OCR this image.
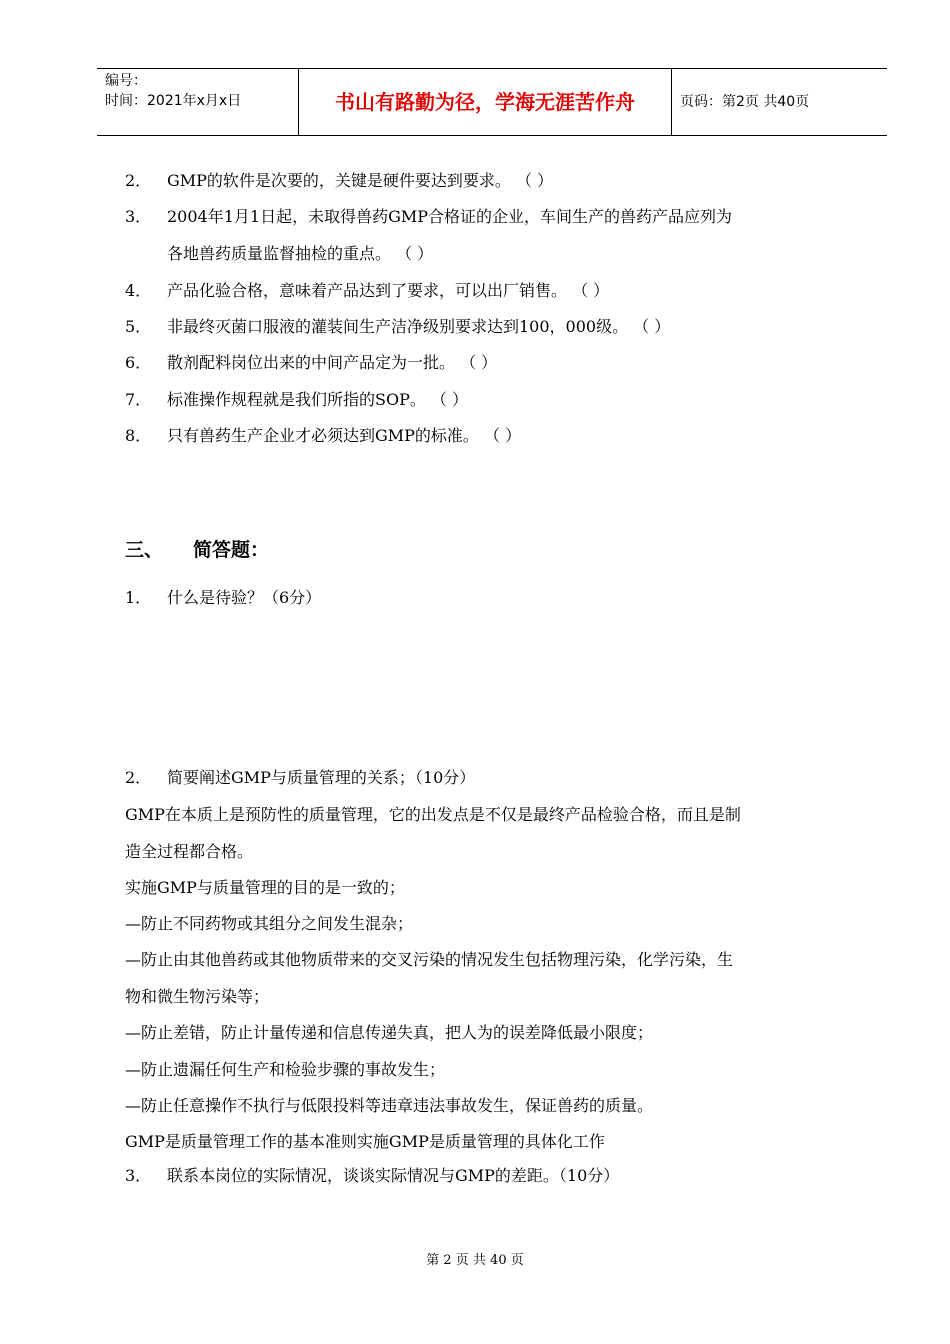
编号：
时间：2021年x月x日	书山有路勤为径，学海无涯苦作舟	页码：第2页 共40页
2． GMP的软件是次要的，关键是硬件要达到要求。 （ ）
3． 2004年1月1日起，未取得兽药GMP合格证的企业，车间生产的兽药产品应列为
各地兽药质量监督抽检的重点。 （ ）
4． 产品化验合格，意味着产品达到了要求，可以出厂销售。 （ ）
5． 非最终灭菌口服液的灌装间生产洁净级别要求达到100，000级。 （ ）
6． 散剂配料岗位出来的中间产品定为一批。 （ ）
7． 标准操作规程就是我们所指的SOP。 （ ）
8． 只有兽药生产企业才必须达到GMP的标准。 （ ）
三、 简答题：
1． 什么是待验？（6分）
2． 简要阐述GMP与质量管理的关系；（10分）
GMP在本质上是预防性的质量管理，它的出发点是不仅是最终产品检验合格，而且是制
造全过程都合格。
实施GMP与质量管理的目的是一致的；
—防止不同药物或其组分之间发生混杂；
—防止由其他兽药或其他物质带来的交叉污染的情况发生包括物理污染，化学污染，生
物和微生物污染等；
—防止差错，防止计量传递和信息传递失真，把人为的误差降低最小限度；
—防止遗漏任何生产和检验步骤的事故发生；
—防止任意操作不执行与低限投料等违章违法事故发生，保证兽药的质量。
GMP是质量管理工作的基本准则实施GMP是质量管理的具体化工作
3． 联系本岗位的实际情况，谈谈实际情况与GMP的差距。（10分）
第 2 页 共 40 页
